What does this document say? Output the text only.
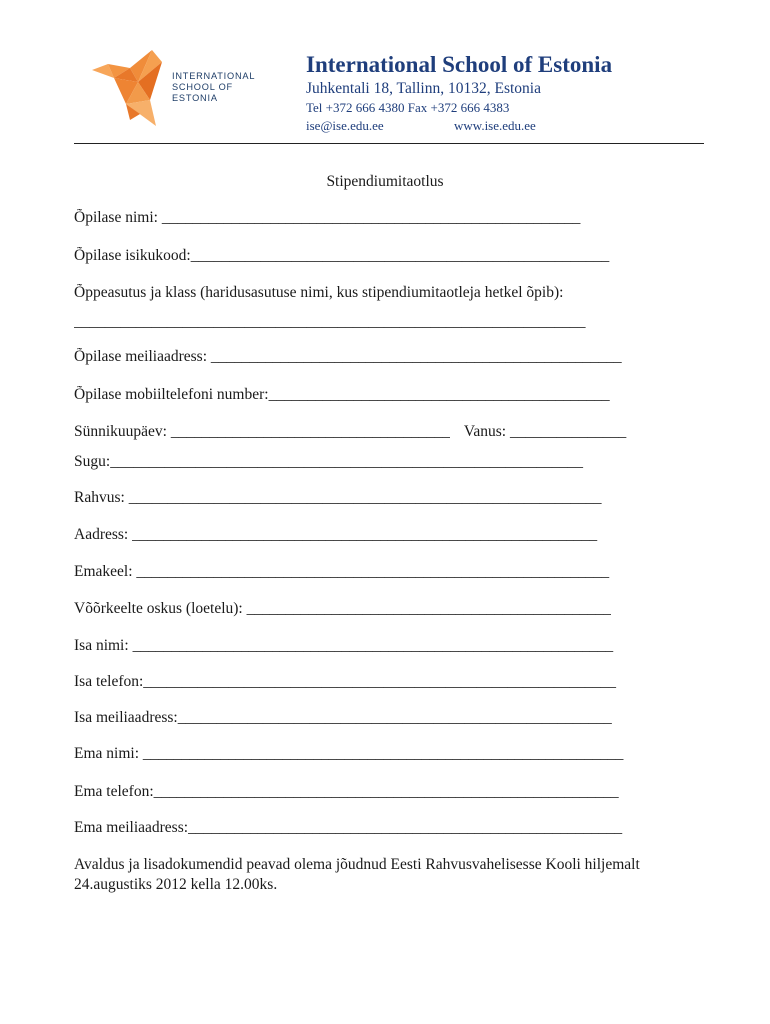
INTERNATIONAL
SCHOOL OF
ESTONIA
International School of Estonia
Juhkentali 18, Tallinn, 10132, Estonia
Tel +372 666 4380 Fax +372 666 4383
ise@ise.edu.ee	www.ise.edu.ee
Stipendiumitaotlus
Õpilase nimi: ______________________________________________________
Õpilase isikukood:______________________________________________________
Õppeasutus ja klass (haridusasutuse nimi, kus stipendiumitaotleja hetkel õpib):
__________________________________________________________________
Õpilase meiliaadress: _____________________________________________________
Õpilase mobiiltelefoni number:____________________________________________
Sünnikuupäev: ____________________________________ Vanus: _______________
Sugu:_____________________________________________________________
Rahvus: _____________________________________________________________
Aadress: ____________________________________________________________
Emakeel: _____________________________________________________________
Võõrkeelte oskus (loetelu): _______________________________________________
Isa nimi: ______________________________________________________________
Isa telefon:_____________________________________________________________
Isa meiliaadress:________________________________________________________
Ema nimi: ______________________________________________________________
Ema telefon:____________________________________________________________
Ema meiliaadress:________________________________________________________
Avaldus ja lisadokumendid peavad olema jõudnud Eesti Rahvusvahelisesse Kooli hiljemalt 24.augustiks 2012 kella 12.00ks.
